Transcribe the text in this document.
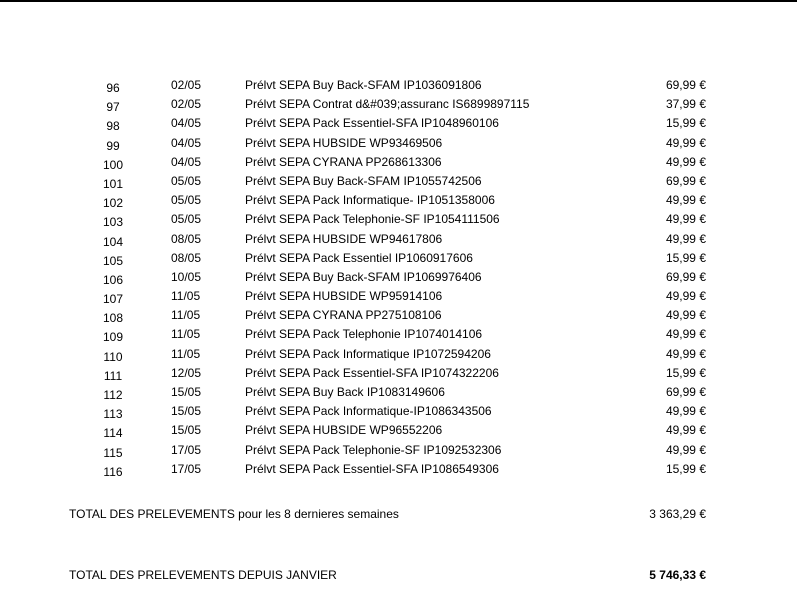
96	02/05	Prélvt SEPA Buy Back-SFAM IP1036091806	69,99 €
97	02/05	Prélvt SEPA Contrat d&#039;assuranc IS6899897115	37,99 €
98	04/05	Prélvt SEPA Pack Essentiel-SFA IP1048960106	15,99 €
99	04/05	Prélvt SEPA HUBSIDE WP93469506	49,99 €
100	04/05	Prélvt SEPA CYRANA PP268613306	49,99 €
101	05/05	Prélvt SEPA Buy Back-SFAM IP1055742506	69,99 €
102	05/05	Prélvt SEPA Pack Informatique- IP1051358006	49,99 €
103	05/05	Prélvt SEPA Pack Telephonie-SF IP1054111506	49,99 €
104	08/05	Prélvt SEPA HUBSIDE WP94617806	49,99 €
105	08/05	Prélvt SEPA Pack Essentiel IP1060917606	15,99 €
106	10/05	Prélvt SEPA Buy Back-SFAM IP1069976406	69,99 €
107	11/05	Prélvt SEPA HUBSIDE WP95914106	49,99 €
108	11/05	Prélvt SEPA CYRANA PP275108106	49,99 €
109	11/05	Prélvt SEPA Pack Telephonie IP1074014106	49,99 €
110	11/05	Prélvt SEPA Pack Informatique IP1072594206	49,99 €
111	12/05	Prélvt SEPA Pack Essentiel-SFA IP1074322206	15,99 €
112	15/05	Prélvt SEPA Buy Back IP1083149606	69,99 €
113	15/05	Prélvt SEPA Pack Informatique-IP1086343506	49,99 €
114	15/05	Prélvt SEPA HUBSIDE WP96552206	49,99 €
115	17/05	Prélvt SEPA Pack Telephonie-SF IP1092532306	49,99 €
116	17/05	Prélvt SEPA Pack Essentiel-SFA IP1086549306	15,99 €
TOTAL DES PRELEVEMENTS pour les 8 dernieres semaines	3 363,29 €
TOTAL DES PRELEVEMENTS DEPUIS JANVIER	5 746,33 €
